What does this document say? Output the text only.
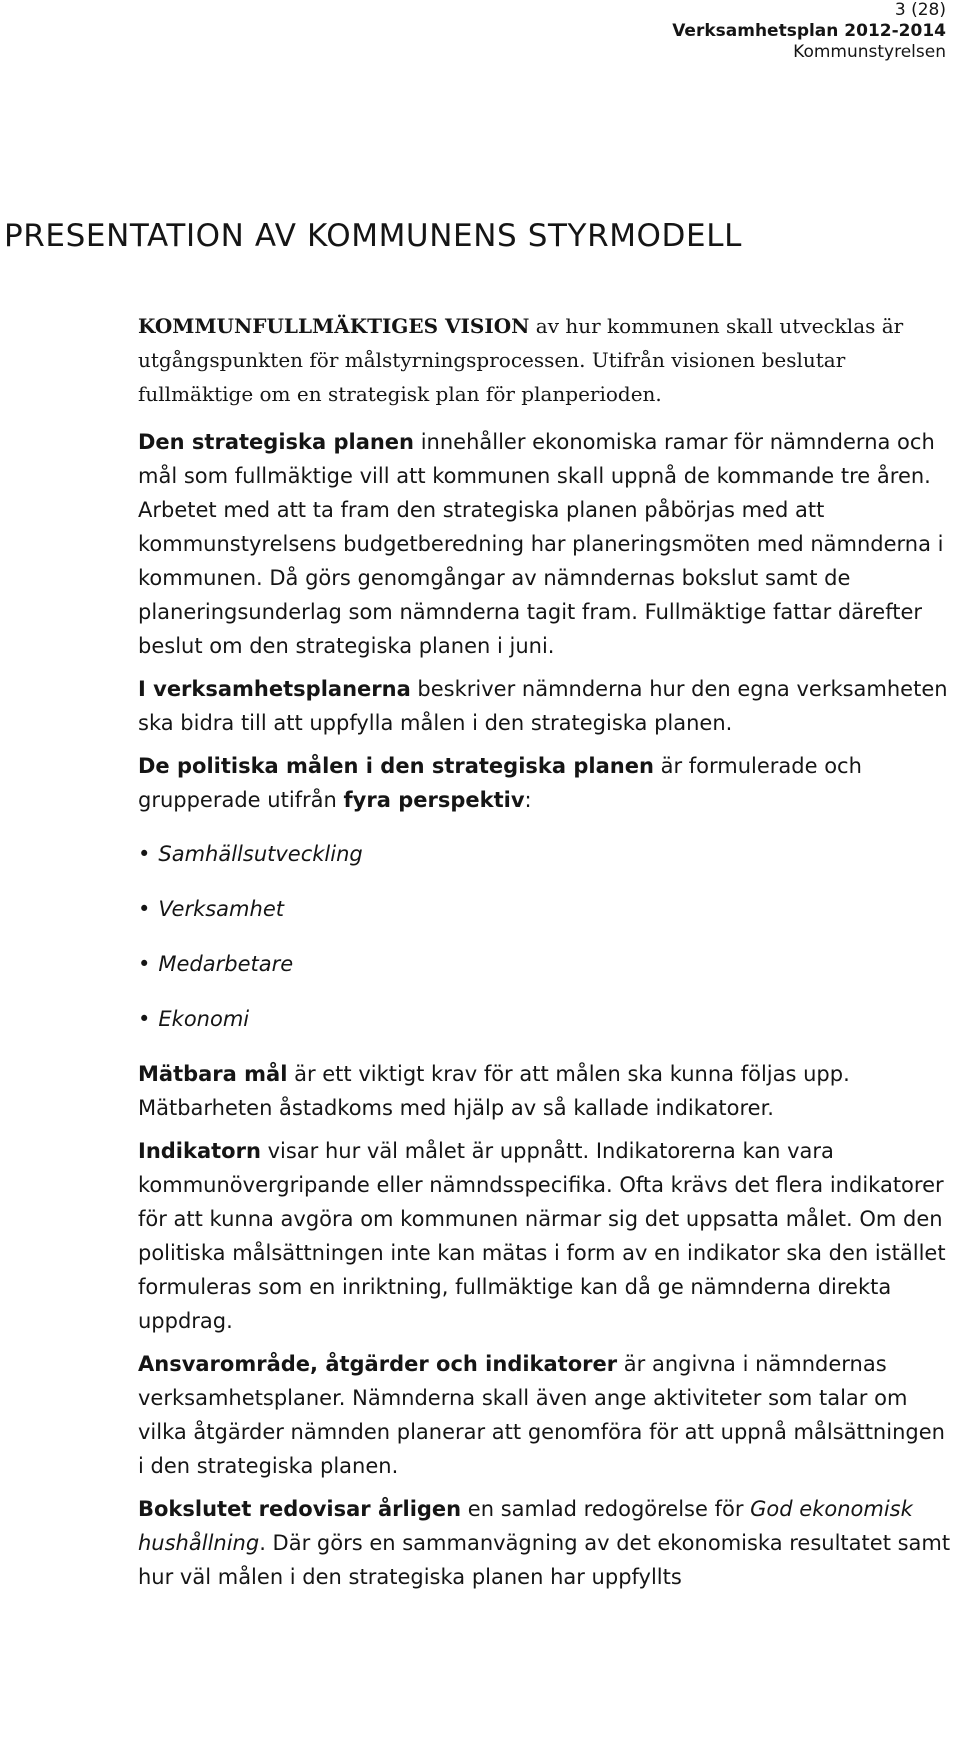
3 (28)
Verksamhetsplan 2012-2014
Kommunstyrelsen
PRESENTATION AV KOMMUNENS STYRMODELL

KOMMUNFULLMÄKTIGES VISION av hur kommunen skall utvecklas är utgångspunkten för målstyrningsprocessen. Utifrån visionen beslutar fullmäktige om en strategisk plan för planperioden.

Den strategiska planen innehåller ekonomiska ramar för nämnderna och mål som fullmäktige vill att kommunen skall uppnå de kommande tre åren. Arbetet med att ta fram den strategiska planen påbörjas med att kommunstyrelsens budgetberedning har planeringsmöten med nämnderna i kommunen. Då görs genomgångar av nämndernas bokslut samt de planeringsunderlag som nämnderna tagit fram. Fullmäktige fattar därefter beslut om den strategiska planen i juni.

I verksamhetsplanerna beskriver nämnderna hur den egna verksamheten ska bidra till att uppfylla målen i den strategiska planen.

De politiska målen i den strategiska planen är formulerade och grupperade utifrån fyra perspektiv:

• Samhällsutveckling
• Verksamhet
• Medarbetare
• Ekonomi

Mätbara mål är ett viktigt krav för att målen ska kunna följas upp. Mätbarheten åstadkoms med hjälp av så kallade indikatorer.

Indikatorn visar hur väl målet är uppnått. Indikatorerna kan vara kommunövergripande eller nämndsspecifika. Ofta krävs det flera indikatorer för att kunna avgöra om kommunen närmar sig det uppsatta målet. Om den politiska målsättningen inte kan mätas i form av en indikator ska den istället formuleras som en inriktning, fullmäktige kan då ge nämnderna direkta uppdrag.

Ansvarområde, åtgärder och indikatorer är angivna i nämndernas verksamhetsplaner. Nämnderna skall även ange aktiviteter som talar om vilka åtgärder nämnden planerar att genomföra för att uppnå målsättningen i den strategiska planen.

Bokslutet redovisar årligen en samlad redogörelse för God ekonomisk hushållning. Där görs en sammanvägning av det ekonomiska resultatet samt hur väl målen i den strategiska planen har uppfyllts
